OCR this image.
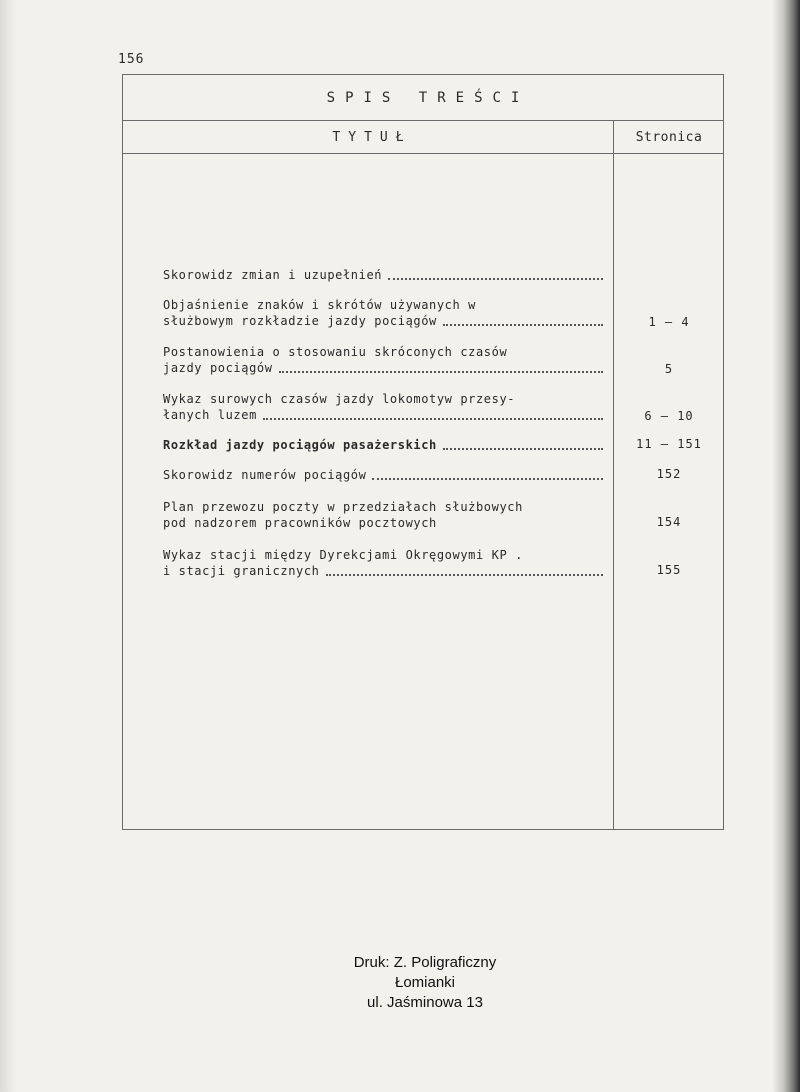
156
SPIS TREŚCI
TYTUŁ	Stronica
Skorowidz zmian i uzupełnień
Objaśnienie znaków i skrótów używanych w
służbowym rozkładzie jazdy pociągów	1 – 4
Postanowienia o stosowaniu skróconych czasów
jazdy pociągów	5
Wykaz surowych czasów jazdy lokomotyw przesy-
łanych luzem	6 – 10
Rozkład jazdy pociągów pasażerskich	11 – 151
Skorowidz numerów pociągów	152
Plan przewozu poczty w przedziałach służbowych
pod nadzorem pracowników pocztowych	154
Wykaz stacji między Dyrekcjami Okręgowymi KP .
i stacji granicznych	155
Druk: Z. Poligraficzny
Łomianki
ul. Jaśminowa 13
